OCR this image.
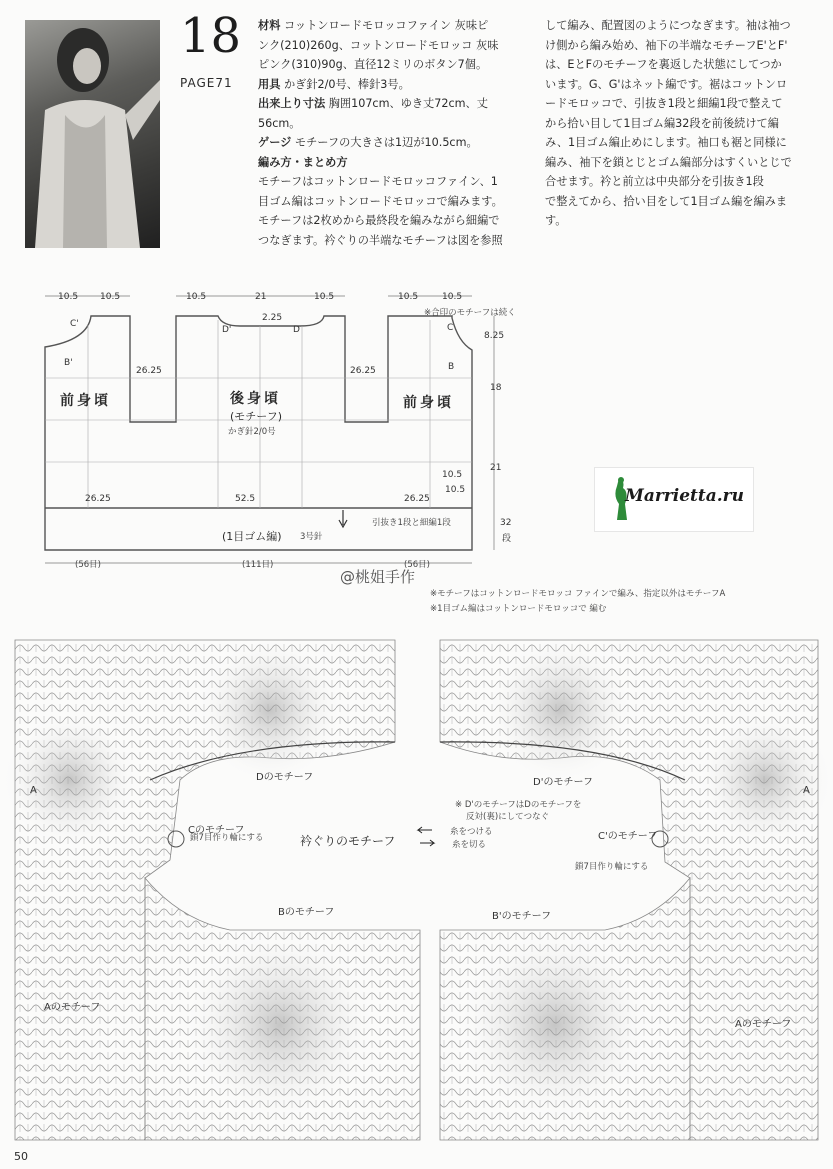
18
PAGE71
材料 コットンロードモロッコファイン 灰味ピ
ンク(210)260g、コットンロードモロッコ 灰味
ピンク(310)90g、直径12ミリのボタン7個。
用具 かぎ針2/0号、棒針3号。
出来上り寸法 胸囲107cm、ゆき丈72cm、丈56cm。
ゲージ モチーフの大きさは1辺が10.5cm。
編み方・まとめ方
モチーフはコットンロードモロッコファイン、1
目ゴム編はコットンロードモロッコで編みます。
モチーフは2枚めから最終段を編みながら細編で
つなぎます。衿ぐりの半端なモチーフは図を参照
して編み、配置図のようにつなぎます。袖は袖つ
け側から編み始め、袖下の半端なモチーフE'とF'
は、EとFのモチーフを裏返した状態にしてつか
います。G、G'はネット編です。裾はコットンロ
ードモロッコで、引抜き1段と細編1段で整えて
から拾い目して1目ゴム編32段を前後続けて編
み、1目ゴム編止めにします。袖口も裾と同様に
編み、袖下を鎖とじとゴム編部分はすくいとじで
合せます。衿と前立は中央部分を引抜き1段
で整えてから、拾い目をして1目ゴム編を編みま
す。
10.5 10.5	10.5	21	10.5	10.5	10.5
※合印のモチーフは続く
C'
D'
2.25
D	C
8.25
B'	B
26.25	26.25
18
前身頃	後身頃	前身頃
(モチーフ)
かぎ針2/0号
21
10.5
10.5
26.25	52.5	26.25
引抜き1段と細編1段	32
段
(1目ゴム編) 3号針
(56目)	(111目)	(56目)
Marrietta.ru
@桃姐手作
※モチーフはコットンロードモロッコ ファインで編み、指定以外はモチーフA
※1目ゴム編はコットンロードモロッコで 編む
Dのモチーフ	D'のモチーフ
A	A
※ D'のモチーフはDのモチーフを
反対(裏)にしてつなぐ
Cのモチーフ
C'のモチーフ
衿ぐりのモチーフ
鎖7目作り輪にする
鎖7目作り輪にする
糸をつける
糸を切る
Bのモチーフ	B'のモチーフ
Aのモチーフ
Aのモチーフ
50
